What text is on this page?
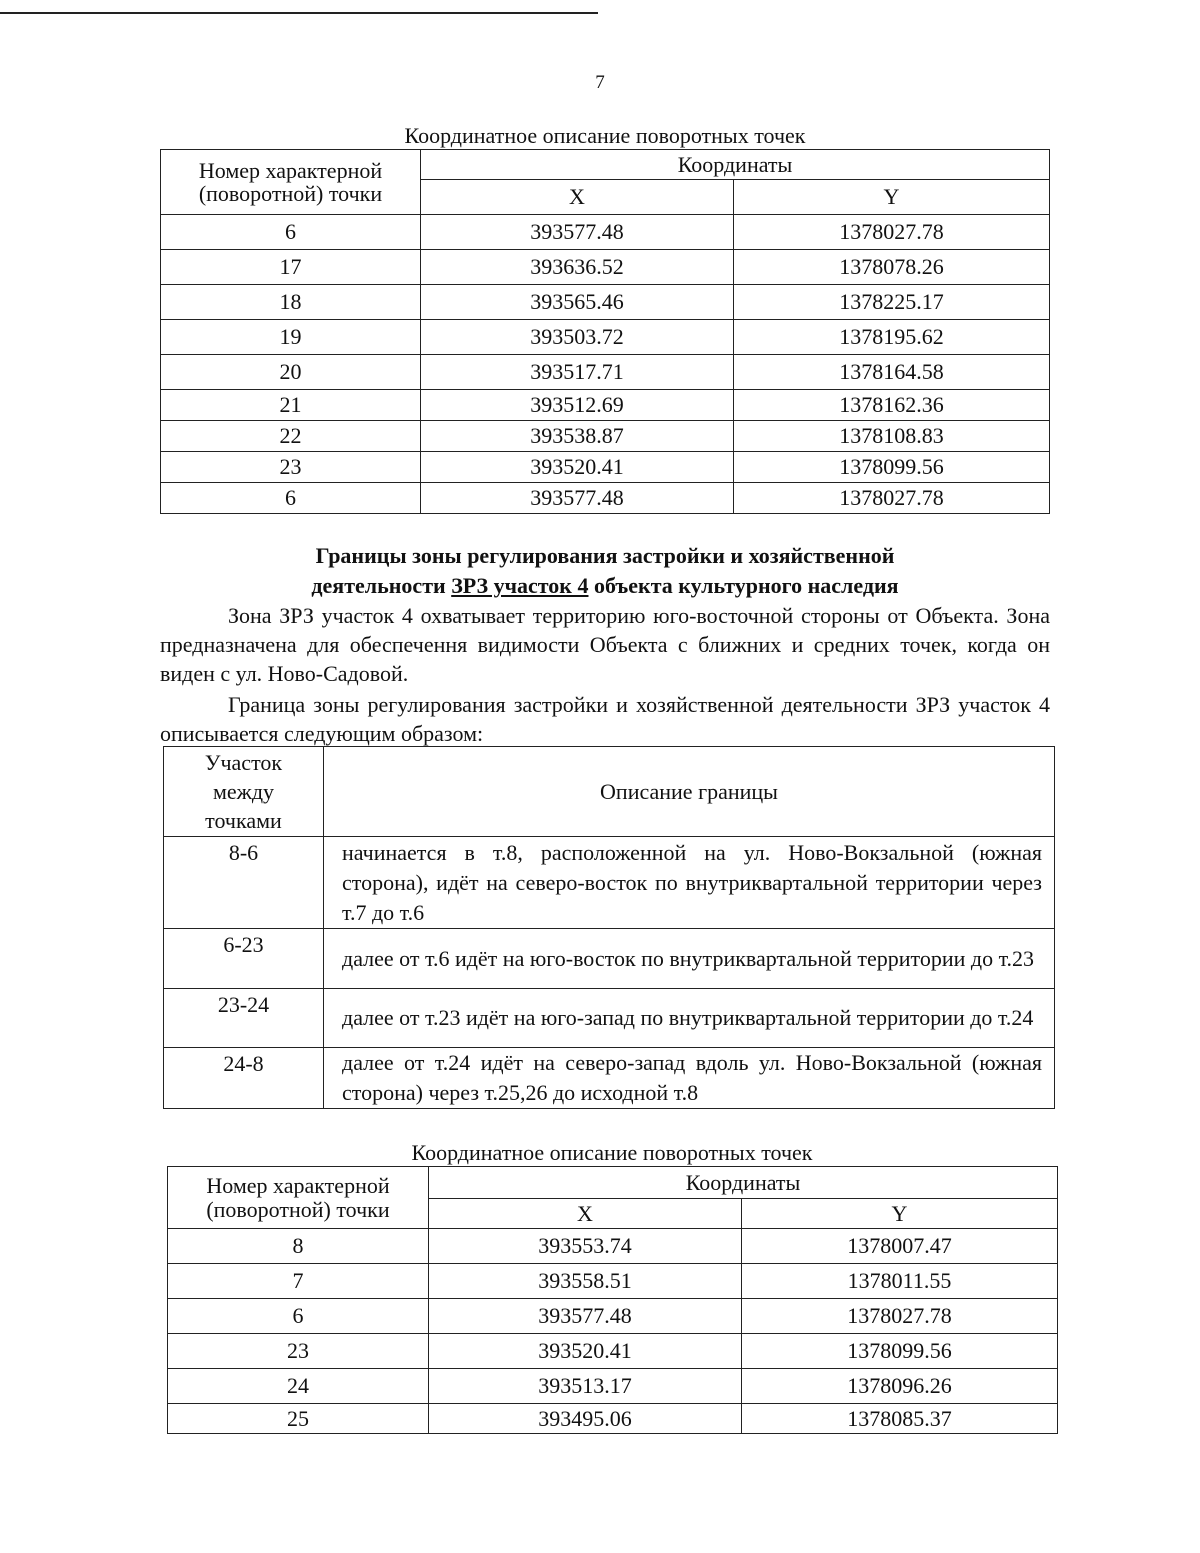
7
Координатное описание поворотных точек
Номер характерной
(поворотной) точки	Координаты	
	X	Y
6	393577.48	1378027.78
17	393636.52	1378078.26
18	393565.46	1378225.17
19	393503.72	1378195.62
20	393517.71	1378164.58
21	393512.69	1378162.36
22	393538.87	1378108.83
23	393520.41	1378099.56
6	393577.48	1378027.78
Границы зоны регулирования застройки и хозяйственной
деятельности ЗРЗ участок 4 объекта культурного наследия

Зона ЗРЗ участок 4 охватывает территорию юго-восточной стороны от Объекта. Зона предназначена для обеспечення видимости Объекта с ближних и средних точек, когда он виден с ул. Ново-Садовой.

Граница зоны регулирования застройки и хозяйственной деятельности ЗРЗ участок 4 описывается следующим образом:

Участок
между
точками	Описание границы
8-6	начинается в т.8, расположенной на ул. Ново-Вокзальной (южная сторона), идёт на северо-восток по внутриквартальной территории через т.7 до т.6
6-23	далее от т.6 идёт на юго-восток по внутриквартальной территории до т.23
23-24	далее от т.23 идёт на юго-запад по внутриквартальной территории до т.24
24-8	далее от т.24 идёт на северо-запад вдоль ул. Ново-Вокзальной (южная сторона) через т.25,26 до исходной т.8
Координатное описание поворотных точек
Номер характерной
(поворотной) точки	Координаты	
	X	Y
8	393553.74	1378007.47
7	393558.51	1378011.55
6	393577.48	1378027.78
23	393520.41	1378099.56
24	393513.17	1378096.26
25	393495.06	1378085.37
